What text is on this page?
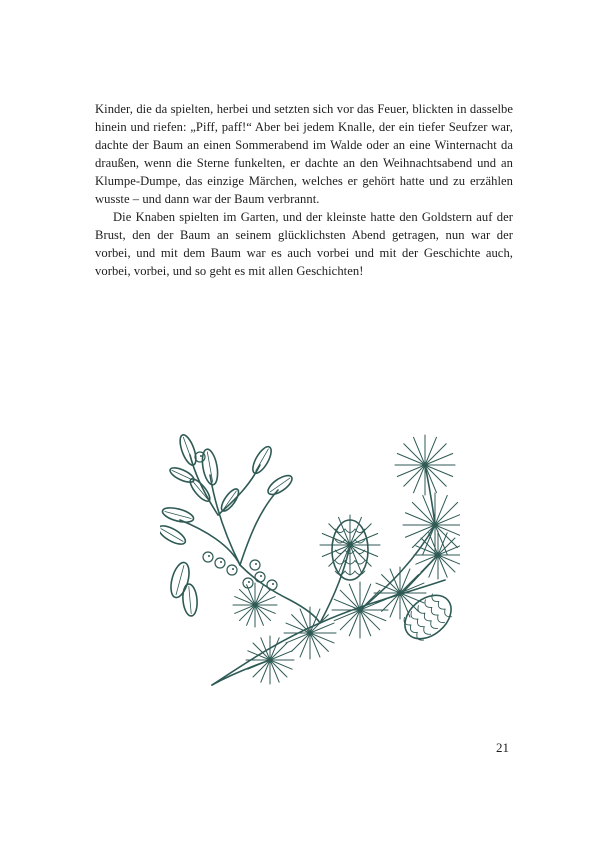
Kinder, die da spielten, herbei und setzten sich vor das Feuer, blickten in dasselbe hinein und riefen: „Piff, paff!“ Aber bei jedem Knalle, der ein tiefer Seufzer war, dachte der Baum an einen Sommerabend im Walde oder an eine Winternacht da draußen, wenn die Sterne funkelten, er dachte an den Weihnachtsabend und an Klumpe-Dumpe, das einzige Märchen, welches er gehört hatte und zu erzählen wusste – und dann war der Baum verbrannt.

Die Knaben spielten im Garten, und der kleinste hatte den Goldstern auf der Brust, den der Baum an seinem glücklichsten Abend getragen, nun war der vorbei, und mit dem Baum war es auch vorbei und mit der Geschichte auch, vorbei, vorbei, und so geht es mit allen Geschichten!

21
